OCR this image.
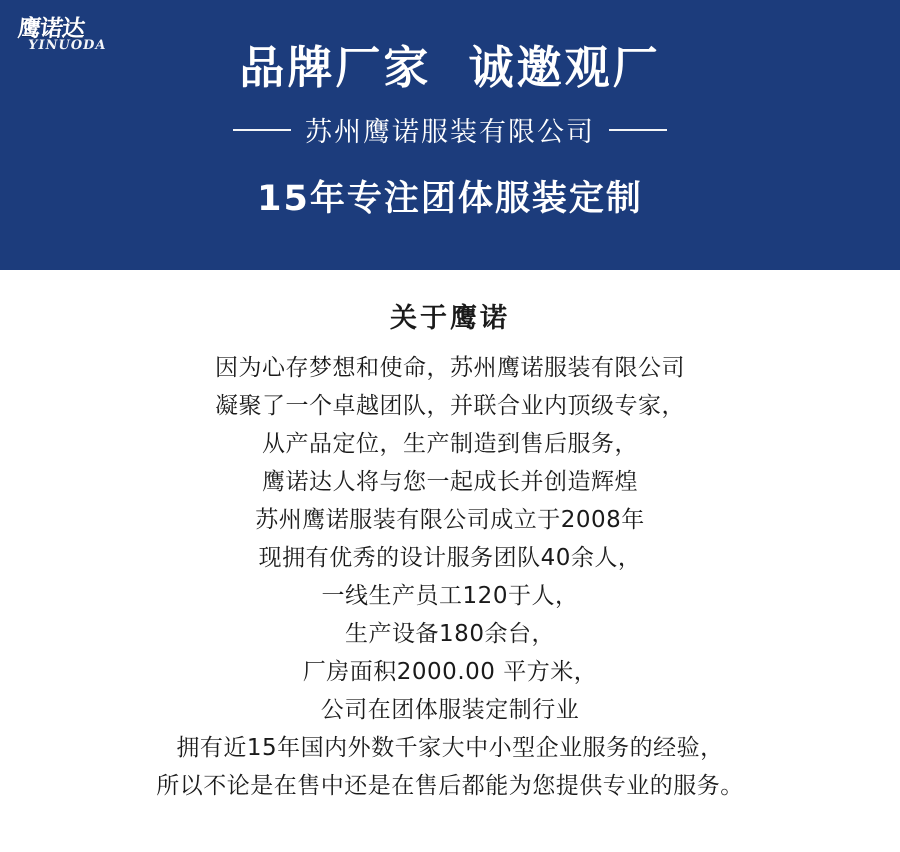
鹰诺达
YINUODA	品牌厂家  诚邀观厂
苏州鹰诺服装有限公司
15年专注团体服装定制
关于鹰诺
因为心存梦想和使命，苏州鹰诺服装有限公司
凝聚了一个卓越团队，并联合业内顶级专家，
从产品定位，生产制造到售后服务，
鹰诺达人将与您一起成长并创造辉煌
苏州鹰诺服装有限公司成立于2008年
现拥有优秀的设计服务团队40余人，
一线生产员工120于人，
生产设备180余台，
厂房面积2000.00 平方米，
公司在团体服装定制行业
拥有近15年国内外数千家大中小型企业服务的经验，
所以不论是在售中还是在售后都能为您提供专业的服务。
